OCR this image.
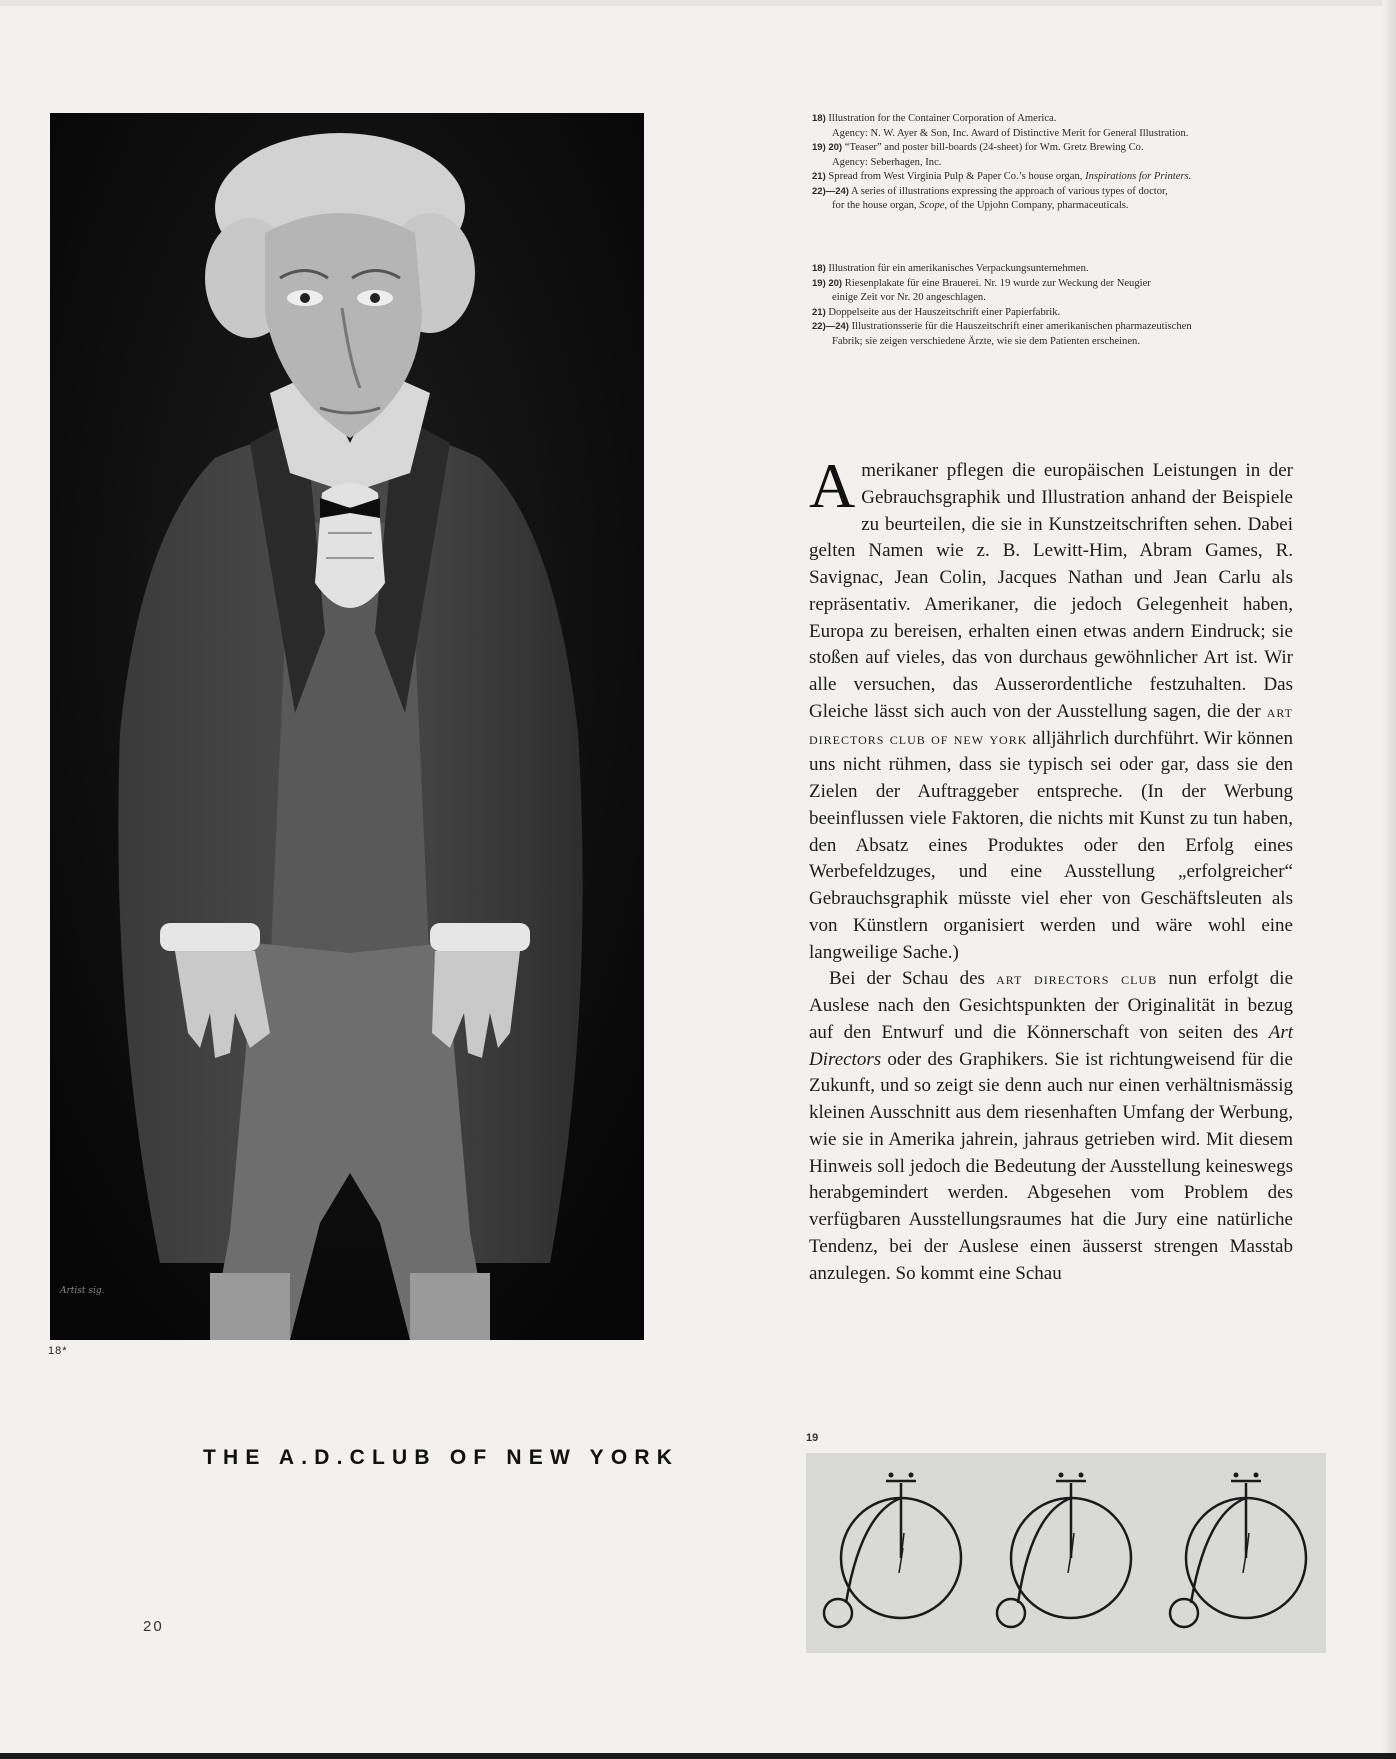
Artist sig.
18*
THE A.D.CLUB OF NEW YORK
20
18) Illustration for the Container Corporation of America.
Agency: N. W. Ayer & Son, Inc. Award of Distinctive Merit for General Illustration.
19) 20) “Teaser” and poster bill-boards (24-sheet) for Wm. Gretz Brewing Co.
Agency: Seberhagen, Inc.
21) Spread from West Virginia Pulp & Paper Co.’s house organ, Inspirations for Printers.
22)—24) A series of illustrations expressing the approach of various types of doctor,
for the house organ, Scope, of the Upjohn Company, pharmaceuticals.
18) Illustration für ein amerikanisches Verpackungsunternehmen.
19) 20) Riesenplakate für eine Brauerei. Nr. 19 wurde zur Weckung der Neugier
einige Zeit vor Nr. 20 angeschlagen.
21) Doppelseite aus der Hauszeitschrift einer Papierfabrik.
22)—24) Illustrationsserie für die Hauszeitschrift einer amerikanischen pharmazeutischen
Fabrik; sie zeigen verschiedene Ärzte, wie sie dem Patienten erscheinen.

Amerikaner pflegen die europäischen Leistungen in der Gebrauchsgraphik und Illustration anhand der Beispiele zu beurteilen, die sie in Kunstzeitschriften sehen. Dabei gelten Namen wie z. B. Lewitt-Him, Abram Games, R. Savignac, Jean Colin, Jacques Nathan und Jean Carlu als repräsentativ. Amerikaner, die jedoch Gelegenheit haben, Europa zu bereisen, erhalten einen etwas andern Eindruck; sie stoßen auf vieles, das von durchaus gewöhnlicher Art ist. Wir alle versuchen, das Ausserordentliche festzuhalten. Das Gleiche lässt sich auch von der Ausstellung sagen, die der art directors club of new york alljährlich durchführt. Wir können uns nicht rühmen, dass sie typisch sei oder gar, dass sie den Zielen der Auftraggeber entspreche. (In der Werbung beeinflussen viele Faktoren, die nichts mit Kunst zu tun haben, den Absatz eines Produktes oder den Erfolg eines Werbefeldzuges, und eine Ausstellung „erfolgreicher“ Gebrauchsgraphik müsste viel eher von Geschäftsleuten als von Künstlern organisiert werden und wäre wohl eine langweilige Sache.)

Bei der Schau des art directors club nun erfolgt die Auslese nach den Gesichtspunkten der Originalität in bezug auf den Entwurf und die Könnerschaft von seiten des Art Directors oder des Graphikers. Sie ist richtungweisend für die Zukunft, und so zeigt sie denn auch nur einen verhältnismässig kleinen Ausschnitt aus dem riesenhaften Umfang der Werbung, wie sie in Amerika jahrein, jahraus getrieben wird. Mit diesem Hinweis soll jedoch die Bedeutung der Ausstellung keineswegs herabgemindert werden. Abgesehen vom Problem des verfügbaren Ausstellungsraumes hat die Jury eine natürliche Tendenz, bei der Auslese einen äusserst strengen Masstab anzulegen. So kommt eine Schau

19
